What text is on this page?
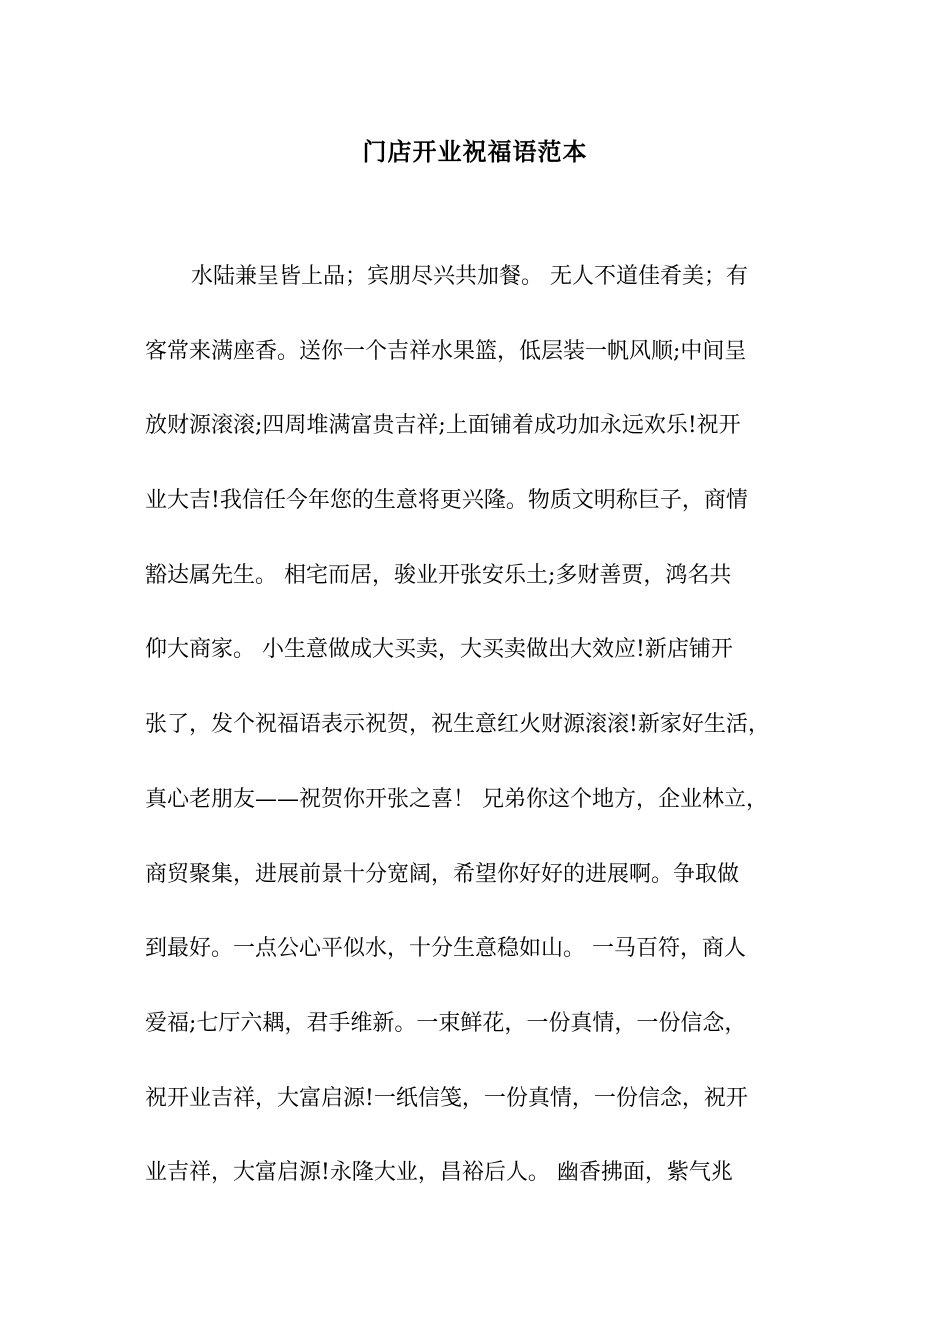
门店开业祝福语范本
水陆兼呈皆上品；宾朋尽兴共加餐。 无人不道佳肴美；有
客常来满座香。送你一个吉祥水果篮，低层装一帆风顺;中间呈
放财源滚滚;四周堆满富贵吉祥;上面铺着成功加永远欢乐!祝开
业大吉!我信任今年您的生意将更兴隆。物质文明称巨子，商情
豁达属先生。 相宅而居，骏业开张安乐土;多财善贾，鸿名共
仰大商家。 小生意做成大买卖，大买卖做出大效应!新店铺开
张了，发个祝福语表示祝贺，祝生意红火财源滚滚!新家好生活，
真心老朋友——祝贺你开张之喜！ 兄弟你这个地方，企业林立，
商贸聚集，进展前景十分宽阔，希望你好好的进展啊。争取做
到最好。一点公心平似水，十分生意稳如山。 一马百符，商人
爱福;七厅六耦，君手维新。一束鲜花，一份真情，一份信念，
祝开业吉祥，大富启源!一纸信笺，一份真情，一份信念，祝开
业吉祥，大富启源!永隆大业，昌裕后人。 幽香拂面，紫气兆
